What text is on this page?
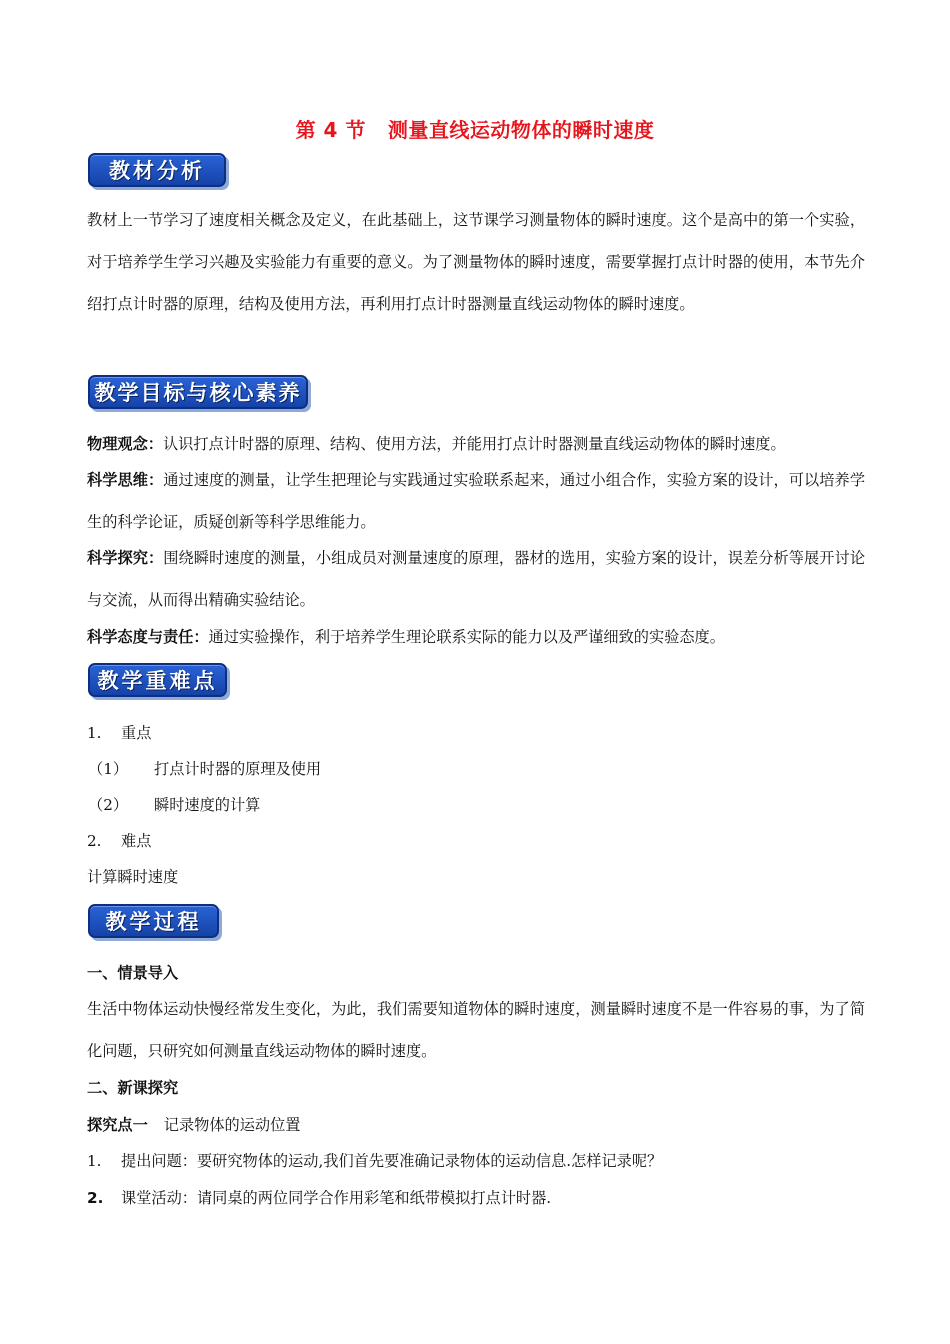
第 4 节 测量直线运动物体的瞬时速度
教材分析
教材上一节学习了速度相关概念及定义，在此基础上，这节课学习测量物体的瞬时速度。这个是高中的第一个实验，对于培养学生学习兴趣及实验能力有重要的意义。为了测量物体的瞬时速度，需要掌握打点计时器的使用，本节先介绍打点计时器的原理，结构及使用方法，再利用打点计时器测量直线运动物体的瞬时速度。
教学目标与核心素养
物理观念：认识打点计时器的原理、结构、使用方法，并能用打点计时器测量直线运动物体的瞬时速度。
科学思维：通过速度的测量，让学生把理论与实践通过实验联系起来，通过小组合作，实验方案的设计，可以培养学生的科学论证，质疑创新等科学思维能力。
科学探究：围绕瞬时速度的测量，小组成员对测量速度的原理，器材的选用，实验方案的设计，误差分析等展开讨论与交流，从而得出精确实验结论。
科学态度与责任：通过实验操作，利于培养学生理论联系实际的能力以及严谨细致的实验态度。
教学重难点
1. 重点
（1） 打点计时器的原理及使用
（2） 瞬时速度的计算
2. 难点
计算瞬时速度
教学过程
一、情景导入
生活中物体运动快慢经常发生变化，为此，我们需要知道物体的瞬时速度，测量瞬时速度不是一件容易的事，为了简化问题，只研究如何测量直线运动物体的瞬时速度。
二、新课探究
探究点一 记录物体的运动位置
1. 提出问题：要研究物体的运动,我们首先要准确记录物体的运动信息.怎样记录呢？
2. 课堂活动：请同桌的两位同学合作用彩笔和纸带模拟打点计时器.
